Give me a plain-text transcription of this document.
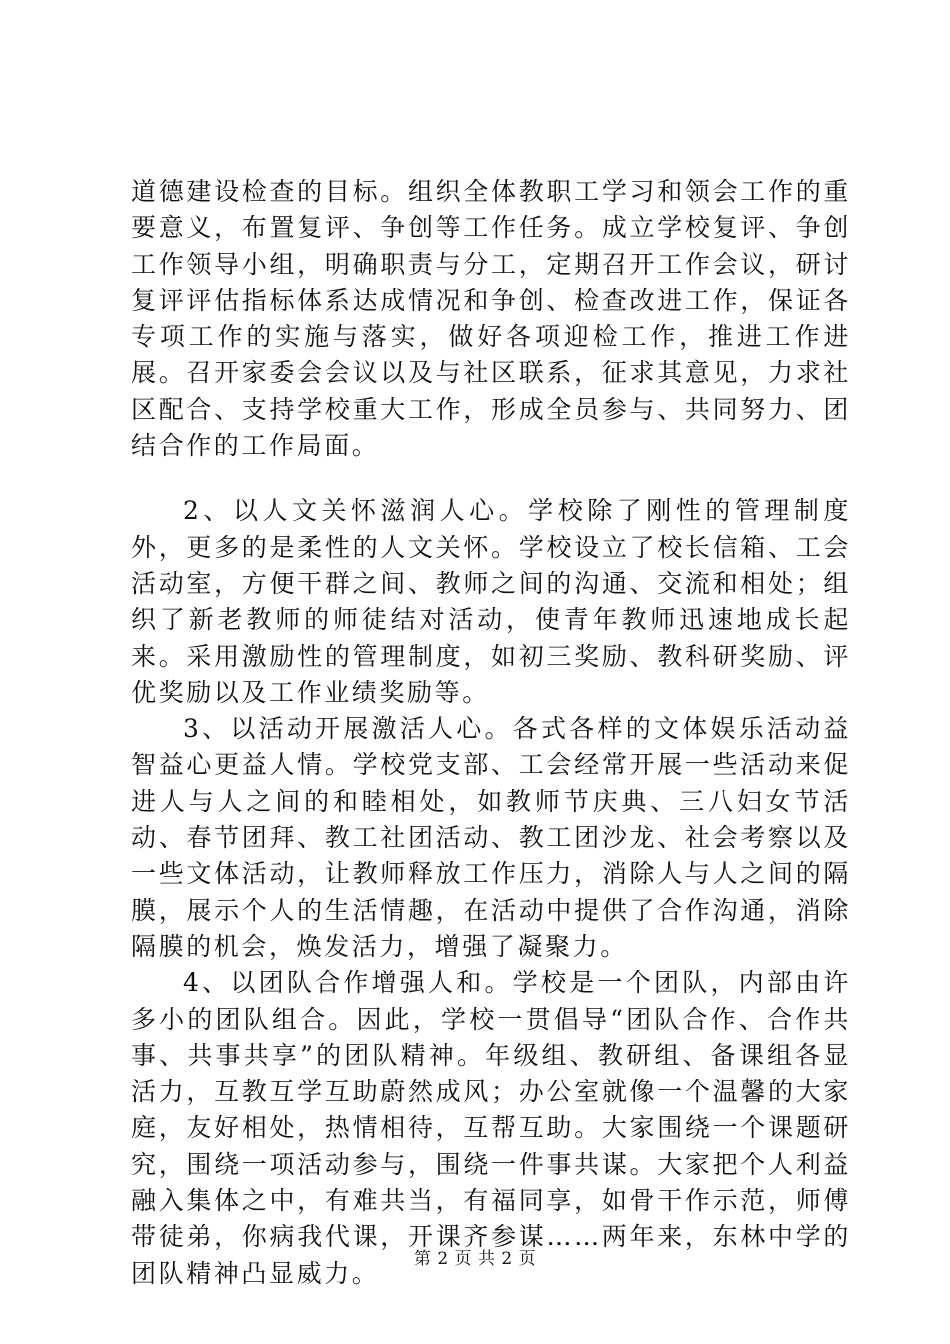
道德建设检查的目标。组织全体教职工学习和领会工作的重要意义，布置复评、争创等工作任务。成立学校复评、争创工作领导小组，明确职责与分工，定期召开工作会议，研讨复评评估指标体系达成情况和争创、检查改进工作，保证各专项工作的实施与落实，做好各项迎检工作，推进工作进展。召开家委会会议以及与社区联系，征求其意见，力求社区配合、支持学校重大工作，形成全员参与、共同努力、团结合作的工作局面。

2、以人文关怀滋润人心。学校除了刚性的管理制度外，更多的是柔性的人文关怀。学校设立了校长信箱、工会活动室，方便干群之间、教师之间的沟通、交流和相处；组织了新老教师的师徒结对活动，使青年教师迅速地成长起来。采用激励性的管理制度，如初三奖励、教科研奖励、评优奖励以及工作业绩奖励等。

3、以活动开展激活人心。各式各样的文体娱乐活动益智益心更益人情。学校党支部、工会经常开展一些活动来促进人与人之间的和睦相处，如教师节庆典、三八妇女节活动、春节团拜、教工社团活动、教工团沙龙、社会考察以及一些文体活动，让教师释放工作压力，消除人与人之间的隔膜，展示个人的生活情趣，在活动中提供了合作沟通，消除隔膜的机会，焕发活力，增强了凝聚力。

4、以团队合作增强人和。学校是一个团队，内部由许多小的团队组合。因此，学校一贯倡导“团队合作、合作共事、共事共享”的团队精神。年级组、教研组、备课组各显活力，互教互学互助蔚然成风；办公室就像一个温馨的大家庭，友好相处，热情相待，互帮互助。大家围绕一个课题研究，围绕一项活动参与，围绕一件事共谋。大家把个人利益融入集体之中，有难共当，有福同享，如骨干作示范，师傅带徒弟，你病我代课，开课齐参谋……两年来，东林中学的团队精神凸显威力。	第 2 页 共 2 页
